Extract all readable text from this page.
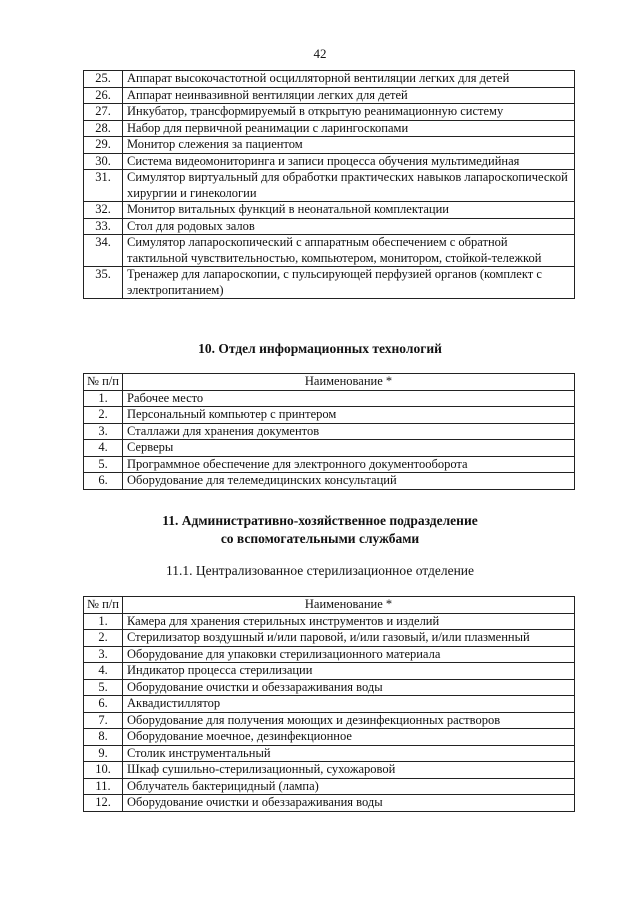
42
25.	Аппарат высокочастотной осцилляторной вентиляции легких для детей
26.	Аппарат неинвазивной вентиляции легких для детей
27.	Инкубатор, трансформируемый в открытую реанимационную систему
28.	Набор для первичной реанимации с ларингоскопами
29.	Монитор слежения за пациентом
30.	Система видеомониторинга и записи процесса обучения мультимедийная
31.	Симулятор виртуальный для обработки практических навыков лапароскопической хирургии и гинекологии
32.	Монитор витальных функций в неонатальной комплектации
33.	Стол для родовых залов
34.	Симулятор лапароскопический с аппаратным обеспечением с обратной тактильной чувствительностью, компьютером, монитором, стойкой-тележкой
35.	Тренажер для лапароскопии, с пульсирующей перфузией органов (комплект с электропитанием)
10. Отдел информационных технологий
№ п/п	Наименование *
1.	Рабочее место
2.	Персональный компьютер с принтером
3.	Сталлажи для хранения документов
4.	Серверы
5.	Программное обеспечение для электронного документооборота
6.	Оборудование для телемедицинских консультаций
11. Административно-хозяйственное подразделение
со вспомогательными службами
11.1. Централизованное стерилизационное отделение
№ п/п	Наименование *
1.	Камера для хранения стерильных инструментов и изделий
2.	Стерилизатор воздушный и/или паровой, и/или газовый, и/или плазменный
3.	Оборудование для упаковки стерилизационного материала
4.	Индикатор процесса стерилизации
5.	Оборудование очистки и обеззараживания воды
6.	Аквадистиллятор
7.	Оборудование для получения моющих и дезинфекционных растворов
8.	Оборудование моечное, дезинфекционное
9.	Столик инструментальный
10.	Шкаф сушильно-стерилизационный, сухожаровой
11.	Облучатель бактерицидный (лампа)
12.	Оборудование очистки и обеззараживания воды
